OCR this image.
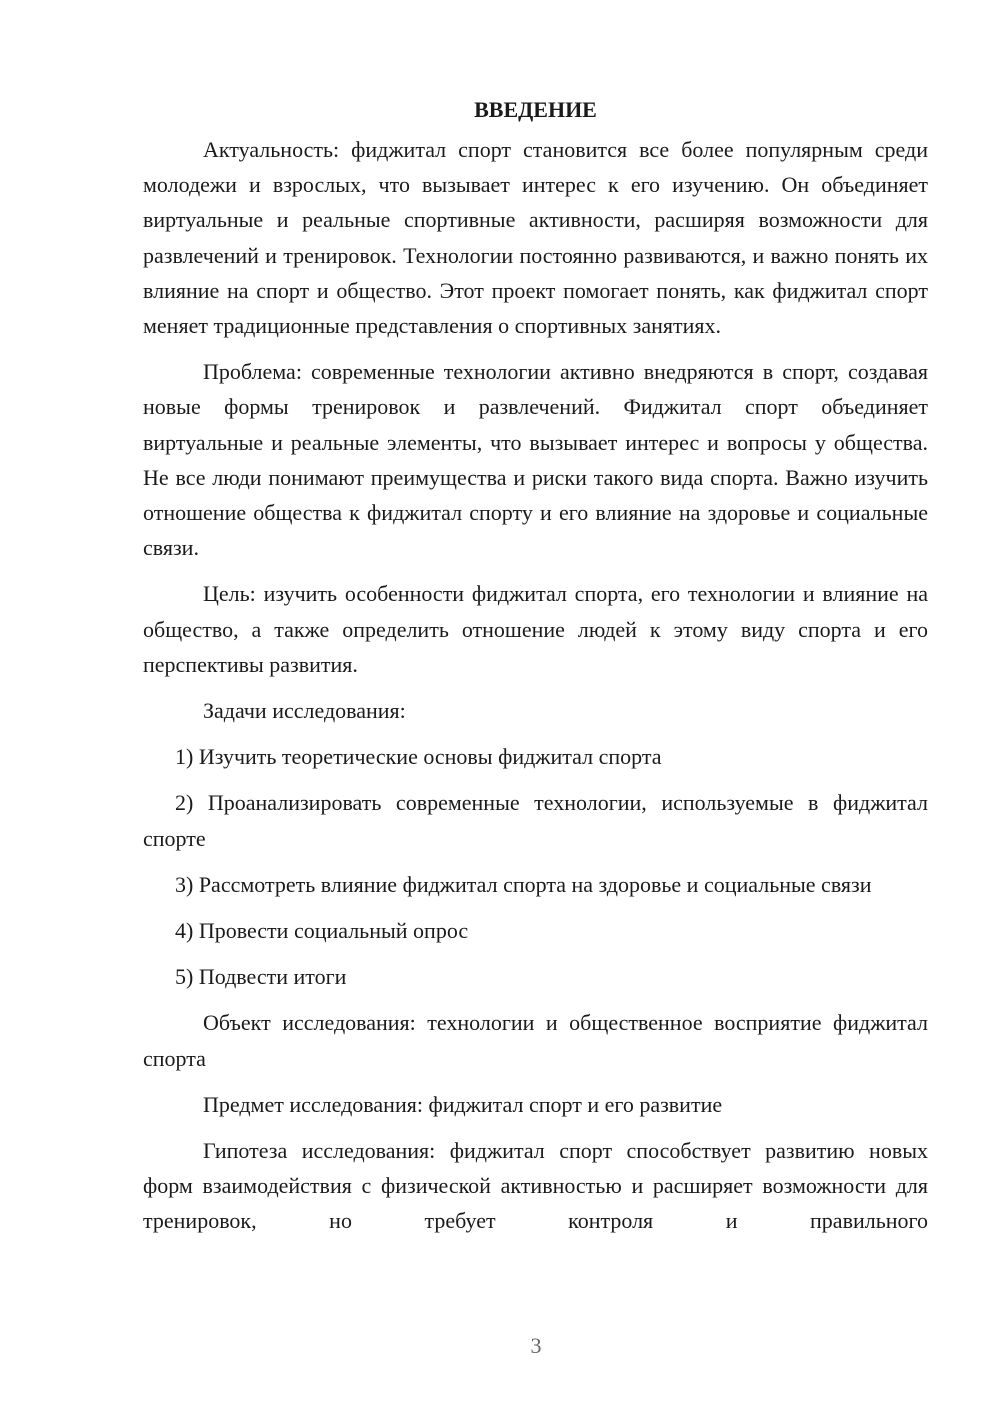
ВВЕДЕНИЕ
Актуальность: фиджитал спорт становится все более популярным среди молодежи и взрослых, что вызывает интерес к его изучению. Он объединяет виртуальные и реальные спортивные активности, расширяя возможности для развлечений и тренировок. Технологии постоянно развиваются, и важно понять их влияние на спорт и общество. Этот проект помогает понять, как фиджитал спорт меняет традиционные представления о спортивных занятиях.
Проблема: современные технологии активно внедряются в спорт, создавая новые формы тренировок и развлечений. Фиджитал спорт объединяет виртуальные и реальные элементы, что вызывает интерес и вопросы у общества. Не все люди понимают преимущества и риски такого вида спорта. Важно изучить отношение общества к фиджитал спорту и его влияние на здоровье и социальные связи.
Цель: изучить особенности фиджитал спорта, его технологии и влияние на общество, а также определить отношение людей к этому виду спорта и его перспективы развития.
Задачи исследования:
1) Изучить теоретические основы фиджитал спорта
2) Проанализировать современные технологии, используемые в фиджитал спорте
3) Рассмотреть влияние фиджитал спорта на здоровье и социальные связи
4) Провести социальный опрос
5) Подвести итоги
Объект исследования: технологии и общественное восприятие фиджитал спорта
Предмет исследования: фиджитал спорт и его развитие
Гипотеза исследования: фиджитал спорт способствует развитию новых форм взаимодействия с физической активностью и расширяет возможности для тренировок, но требует контроля и правильного
3
